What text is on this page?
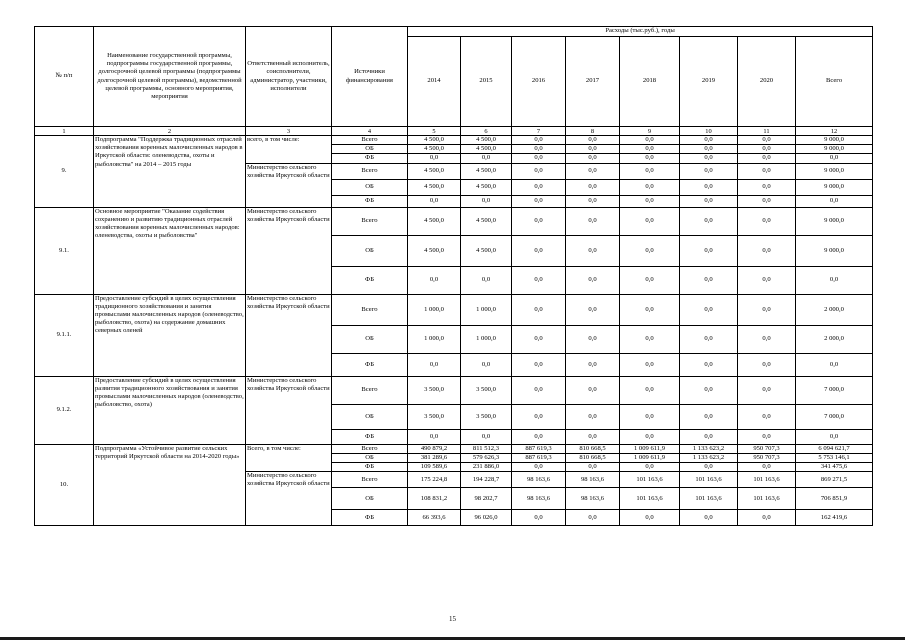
№ п/п	Наименование государственной программы, подпрограммы государственной программы, долгосрочной целевой программы (подпрограммы долгосрочной целевой программы), ведомственной целевой программы, основного мероприятия, мероприятия	Ответственный исполнитель, соисполнители, администратор, участники, исполнители	Источники финансирования	Расходы (тыс.руб.), годы							
				2014	2015	2016	2017	2018	2019	2020	Всего
1	2	3	4	5	6	7	8	9	10	11	12
9.	Подпрограмма "Поддержка традиционных отраслей хозяйствования коренных малочисленных народов в Иркутской области: оленеводства, охоты и рыболовства" на 2014 – 2015 годы	всего, в том числе:	Всего	4 500,0	4 500,0	0,0	0,0	0,0	0,0	0,0	9 000,0
			ОБ	4 500,0	4 500,0	0,0	0,0	0,0	0,0	0,0	9 000,0
			ФБ	0,0	0,0	0,0	0,0	0,0	0,0	0,0	0,0
		Министерство сельского хозяйства Иркутской области	Всего	4 500,0	4 500,0	0,0	0,0	0,0	0,0	0,0	9 000,0
			ОБ	4 500,0	4 500,0	0,0	0,0	0,0	0,0	0,0	9 000,0
			ФБ	0,0	0,0	0,0	0,0	0,0	0,0	0,0	0,0
9.1.	Основное мероприятие "Оказание содействия сохранению и развитию традиционных отраслей хозяйствования коренных малочисленных народов: оленеводства, охоты и рыболовства"	Министерство сельского хозяйства Иркутской области	Всего	4 500,0	4 500,0	0,0	0,0	0,0	0,0	0,0	9 000,0
			ОБ	4 500,0	4 500,0	0,0	0,0	0,0	0,0	0,0	9 000,0
			ФБ	0,0	0,0	0,0	0,0	0,0	0,0	0,0	0,0
9.1.1.	Предоставление субсидий в целях осуществления традиционного хозяйствования и занятия промыслами малочисленных народов (оленеводство, рыболовство, охота) на содержание домашних северных оленей	Министерство сельского хозяйства Иркутской области	Всего	1 000,0	1 000,0	0,0	0,0	0,0	0,0	0,0	2 000,0
			ОБ	1 000,0	1 000,0	0,0	0,0	0,0	0,0	0,0	2 000,0
			ФБ	0,0	0,0	0,0	0,0	0,0	0,0	0,0	0,0
9.1.2.	Предоставление субсидий в целях осуществления развития традиционного хозяйствования и занятия промыслами малочисленных народов (оленеводство, рыболовство, охота)	Министерство сельского хозяйства Иркутской области	Всего	3 500,0	3 500,0	0,0	0,0	0,0	0,0	0,0	7 000,0
			ОБ	3 500,0	3 500,0	0,0	0,0	0,0	0,0	0,0	7 000,0
			ФБ	0,0	0,0	0,0	0,0	0,0	0,0	0,0	0,0
10.	Подпрограмма «Устойчивое развитие сельских территорий Иркутской области на 2014-2020 годы»	Всего, в том числе:	Всего	490 879,2	811 512,3	887 619,3	810 668,5	1 009 611,9	1 133 623,2	950 707,3	6 094 621,7
			ОБ	381 289,6	579 626,3	887 619,3	810 668,5	1 009 611,9	1 133 623,2	950 707,3	5 753 146,1
			ФБ	109 589,6	231 886,0	0,0	0,0	0,0	0,0	0,0	341 475,6
		Министерство сельского хозяйства Иркутской области	Всего	175 224,8	194 228,7	98 163,6	98 163,6	101 163,6	101 163,6	101 163,6	869 271,5
			ОБ	108 831,2	98 202,7	98 163,6	98 163,6	101 163,6	101 163,6	101 163,6	706 851,9
			ФБ	66 393,6	96 026,0	0,0	0,0	0,0	0,0	0,0	162 419,6
15
